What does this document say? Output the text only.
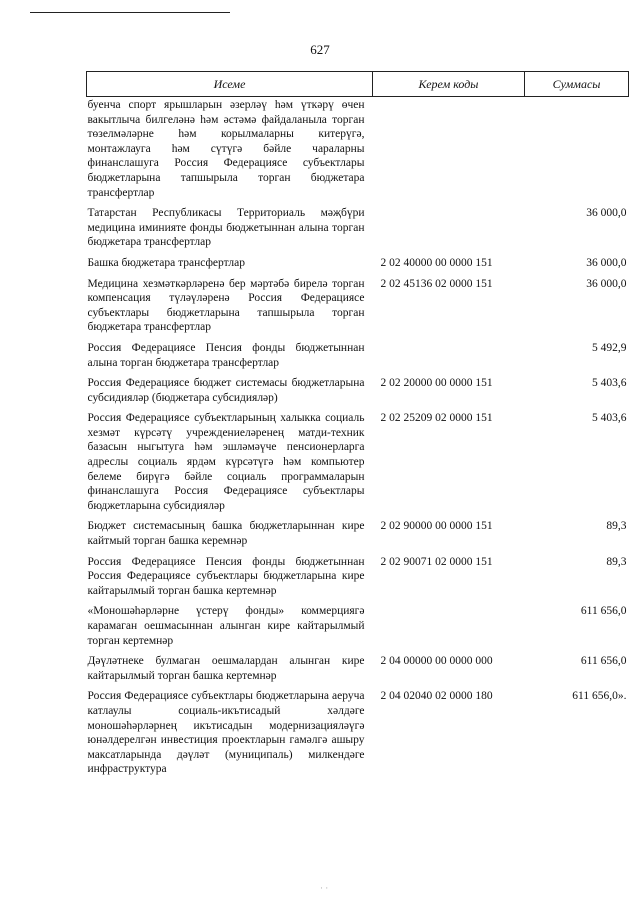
627
Исеме	Керем коды	Суммасы
буенча спорт ярышларын әзерләү һәм үткәрү өчен вакытлыча билгеләнә һәм әстәмә файдаланыла торган төзелмәләрне һәм корылмаларны китерүгә, монтажлауга һәм сүтүгә бәйле чараларны финанслашуга Россия Федерациясе субъектлары бюджетларына тапшырыла торган бюджетара трансфертлар		
Татарстан Республикасы Территориаль мәҗбүри медицина иминияте фонды бюджетыннан алына торган бюджетара трансфертлар		36 000,0
Башка бюджетара трансфертлар	2 02 40000 00 0000 151	36 000,0
Медицина хезмәткәрләренә бер мәртәбә бирелә торган компенсация түләүләренә Россия Федерациясе субъектлары бюджетларына тапшырыла торган бюджетара трансфертлар	2 02 45136 02 0000 151	36 000,0
Россия Федерациясе Пенсия фонды бюджетыннан алына торган бюджетара трансфертлар		5 492,9
Россия Федерациясе бюджет системасы бюджетларына субсидияләр (бюджетара субсидияләр)	2 02 20000 00 0000 151	5 403,6
Россия Федерациясе субъектларының халыкка социаль хезмәт күрсәтү учреждениеләренең матди-техник базасын ныгытуга һәм эшләмәүче пенсионерларга адреслы социаль ярдәм күрсәтүгә һәм компьютер белеме бирүгә бәйле социаль программаларын финанслашуга Россия Федерациясе субъектлары бюджетларына субсидияләр	2 02 25209 02 0000 151	5 403,6
Бюджет системасының башка бюджетларыннан кире кайтмый торган башка керемнәр	2 02 90000 00 0000 151	89,3
Россия Федерациясе Пенсия фонды бюджетыннан Россия Федерациясе субъектлары бюджетларына кире кайтарылмый торган башка кертемнәр	2 02 90071 02 0000 151	89,3
«Моношәһәрләрне үстерү фонды» коммерциягә карамаган оешмасыннан алынган кире кайтарылмый торган кертемнәр		611 656,0
Дәүләтнеке булмаган оешмалардан алынган кире кайтарылмый торган башка кертемнәр	2 04 00000 00 0000 000	611 656,0
Россия Федерациясе субъектлары бюджетларына аеруча катлаулы социаль-икътисадый хәлдәге моношәһәрләрнең икътисадын модернизацияләүгә юнәлдерелгән инвестиция проектларын гамәлгә ашыру максатларында дәүләт (муниципаль) милкендәге инфраструктура	2 04 02040 02 0000 180	611 656,0».
· ·
